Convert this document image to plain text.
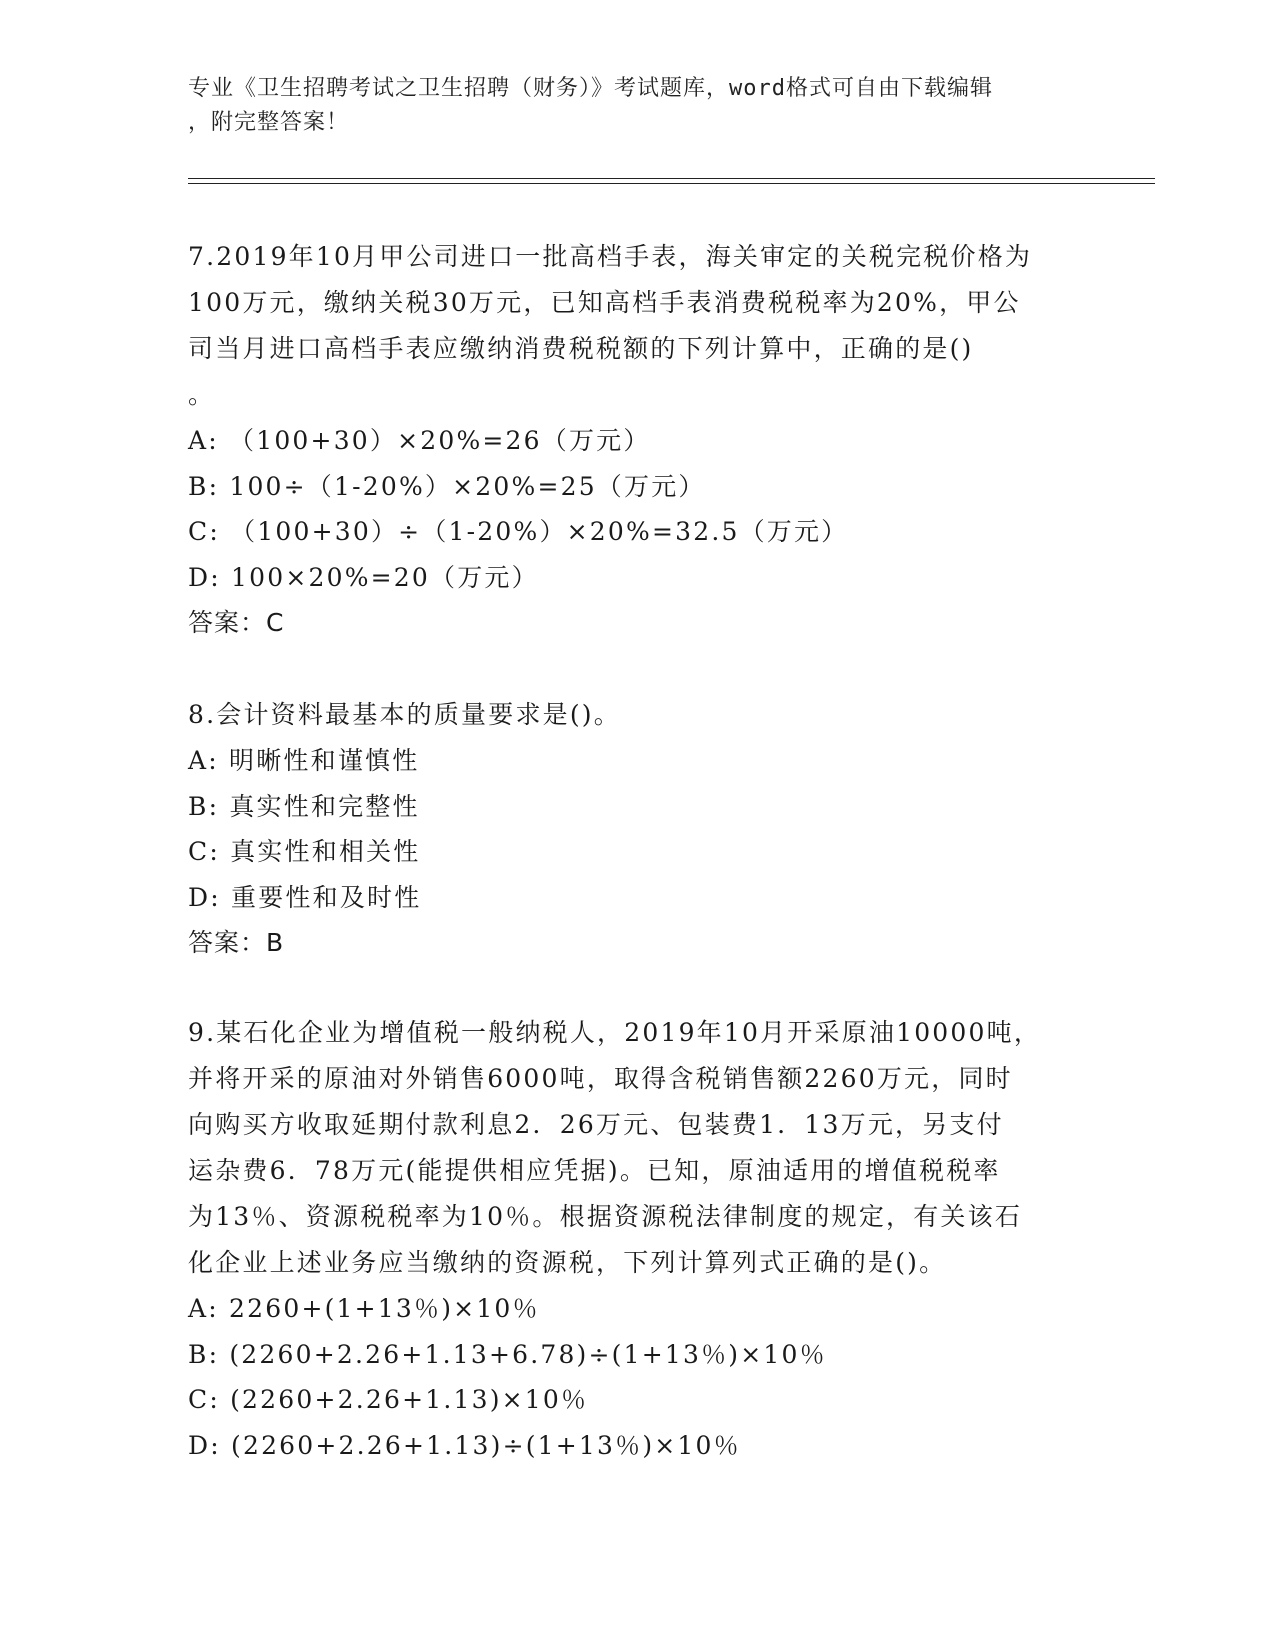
专业《卫生招聘考试之卫生招聘（财务）》考试题库，word格式可自由下载编辑
，附完整答案！

7.2019年10月甲公司进口一批高档手表，海关审定的关税完税价格为

100万元，缴纳关税30万元，已知高档手表消费税税率为20%，甲公

司当月进口高档手表应缴纳消费税税额的下列计算中，正确的是()

。

A: （100+30）×20%=26（万元）

B: 100÷（1-20%）×20%=25（万元）

C: （100+30）÷（1-20%）×20%=32.5（万元）

D: 100×20%=20（万元）

答案：C

8.会计资料最基本的质量要求是()。

A: 明晰性和谨慎性

B: 真实性和完整性

C: 真实性和相关性

D: 重要性和及时性

答案：B

9.某石化企业为增值税一般纳税人，2019年10月开采原油10000吨，

并将开采的原油对外销售6000吨，取得含税销售额2260万元，同时

向购买方收取延期付款利息2．26万元、包装费1．13万元，另支付

运杂费6．78万元(能提供相应凭据)。已知，原油适用的增值税税率

为13％、资源税税率为10％。根据资源税法律制度的规定，有关该石

化企业上述业务应当缴纳的资源税，下列计算列式正确的是()。

A: 2260+(1+13％)×10％

B: (2260+2.26+1.13+6.78)÷(1+13％)×10％

C: (2260+2.26+1.13)×10％

D: (2260+2.26+1.13)÷(1+13％)×10％
